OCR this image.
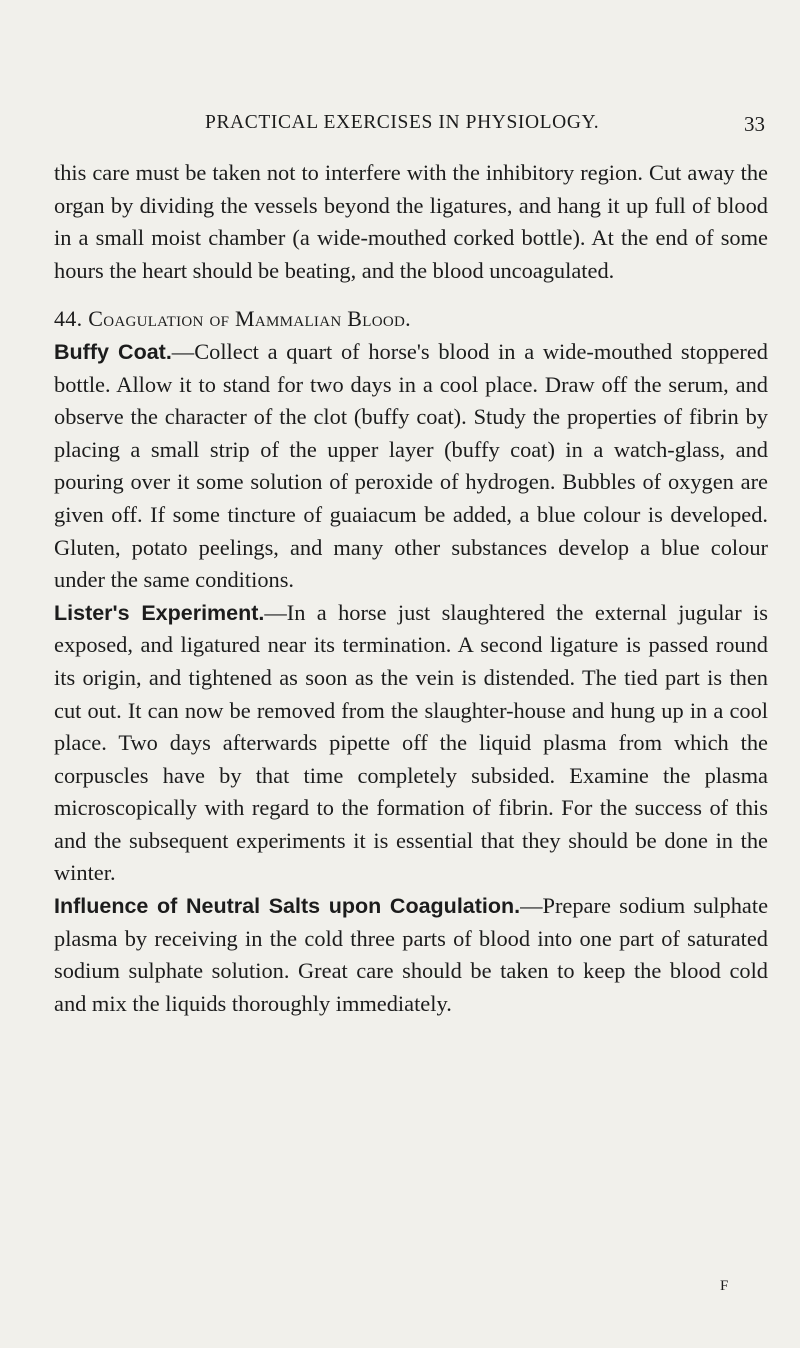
PRACTICAL EXERCISES IN PHYSIOLOGY.	33

this care must be taken not to interfere with the inhibitory region. Cut away the organ by dividing the vessels beyond the ligatures, and hang it up full of blood in a small moist chamber (a wide-mouthed corked bottle). At the end of some hours the heart should be beating, and the blood uncoagulated.

44. Coagulation of Mammalian Blood.

Buffy Coat.—Collect a quart of horse's blood in a wide-mouthed stoppered bottle. Allow it to stand for two days in a cool place. Draw off the serum, and observe the character of the clot (buffy coat). Study the properties of fibrin by placing a small strip of the upper layer (buffy coat) in a watch-glass, and pouring over it some solution of peroxide of hydrogen. Bubbles of oxygen are given off. If some tincture of guaiacum be added, a blue colour is developed. Gluten, potato peelings, and many other substances develop a blue colour under the same conditions.

Lister's Experiment.—In a horse just slaughtered the external jugular is exposed, and ligatured near its termination. A second ligature is passed round its origin, and tightened as soon as the vein is distended. The tied part is then cut out. It can now be removed from the slaughter-house and hung up in a cool place. Two days afterwards pipette off the liquid plasma from which the corpuscles have by that time completely subsided. Examine the plasma microscopically with regard to the formation of fibrin. For the success of this and the subsequent experiments it is essential that they should be done in the winter.

Influence of Neutral Salts upon Coagulation.—Prepare sodium sulphate plasma by receiving in the cold three parts of blood into one part of saturated sodium sulphate solution. Great care should be taken to keep the blood cold and mix the liquids thoroughly immediately.

F
